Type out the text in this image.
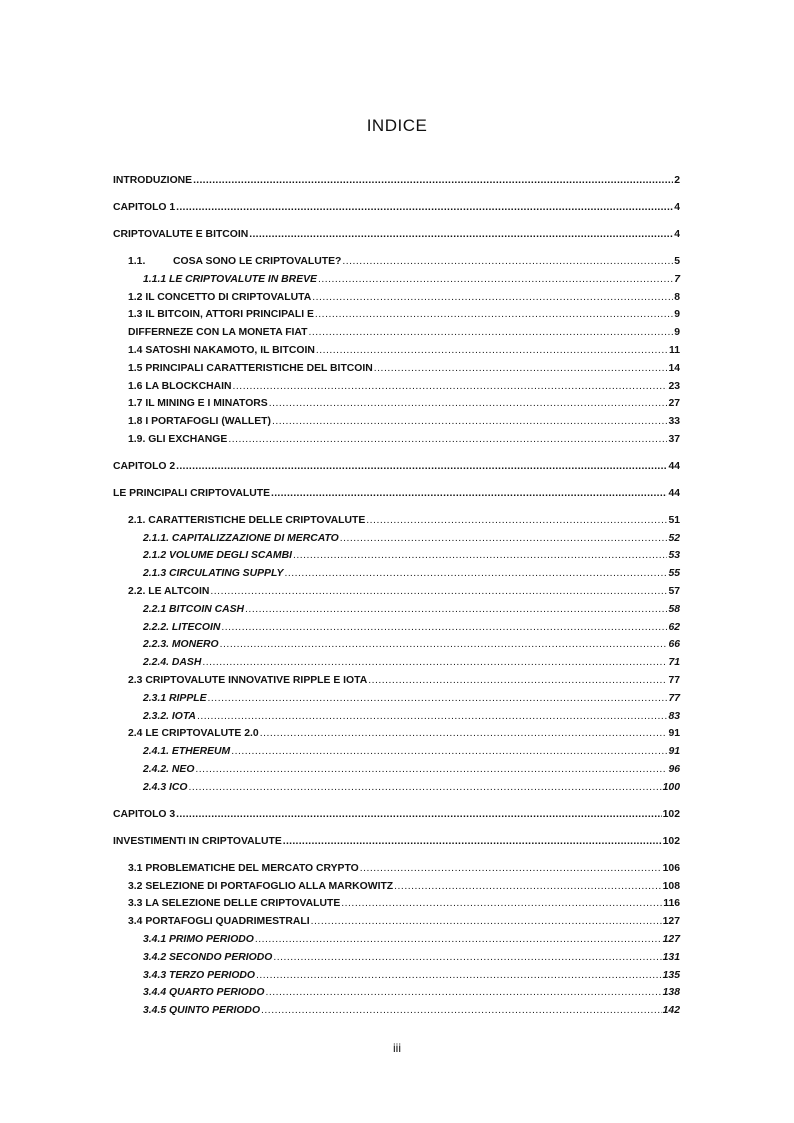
INDICE
INTRODUZIONE .....	2
CAPITOLO 1 .....	4
CRIPTOVALUTE E BITCOIN .....	4
1.1.	COSA SONO LE CRIPTOVALUTE? .....	5
1.1.1 LE CRIPTOVALUTE IN BREVE .....	7
1.2 IL CONCETTO DI CRIPTOVALUTA .....	8
1.3 IL BITCOIN, ATTORI PRINCIPALI E .....	9
DIFFERNEZE CON LA MONETA FIAT .....	9
1.4 SATOSHI NAKAMOTO, IL BITCOIN .....	11
1.5 PRINCIPALI CARATTERISTICHE DEL BITCOIN .....	14
1.6 LA BLOCKCHAIN .....	23
1.7 IL MINING E I MINATORS .....	27
1.8 I PORTAFOGLI (WALLET) .....	33
1.9. GLI EXCHANGE .....	37
CAPITOLO 2 .....	44
LE PRINCIPALI CRIPTOVALUTE .....	44
2.1. CARATTERISTICHE DELLE CRIPTOVALUTE .....	51
2.1.1. CAPITALIZZAZIONE DI MERCATO .....	52
2.1.2 VOLUME DEGLI SCAMBI .....	53
2.1.3 CIRCULATING SUPPLY .....	55
2.2. LE ALTCOIN .....	57
2.2.1 BITCOIN CASH .....	58
2.2.2. LITECOIN .....	62
2.2.3. MONERO .....	66
2.2.4. DASH .....	71
2.3 CRIPTOVALUTE INNOVATIVE RIPPLE E IOTA .....	77
2.3.1 RIPPLE .....	77
2.3.2. IOTA .....	83
2.4 LE CRIPTOVALUTE 2.0 .....	91
2.4.1. ETHEREUM .....	91
2.4.2. NEO .....	96
2.4.3 ICO .....	100
CAPITOLO 3 .....	102
INVESTIMENTI IN CRIPTOVALUTE .....	102
3.1 PROBLEMATICHE DEL MERCATO CRYPTO .....	106
3.2 SELEZIONE DI PORTAFOGLIO ALLA MARKOWITZ .....	108
3.3 LA SELEZIONE DELLE CRIPTOVALUTE .....	116
3.4 PORTAFOGLI QUADRIMESTRALI .....	127
3.4.1 PRIMO PERIODO .....	127
3.4.2 SECONDO PERIODO .....	131
3.4.3 TERZO PERIODO .....	135
3.4.4 QUARTO PERIODO .....	138
3.4.5 QUINTO PERIODO .....	142
iii
